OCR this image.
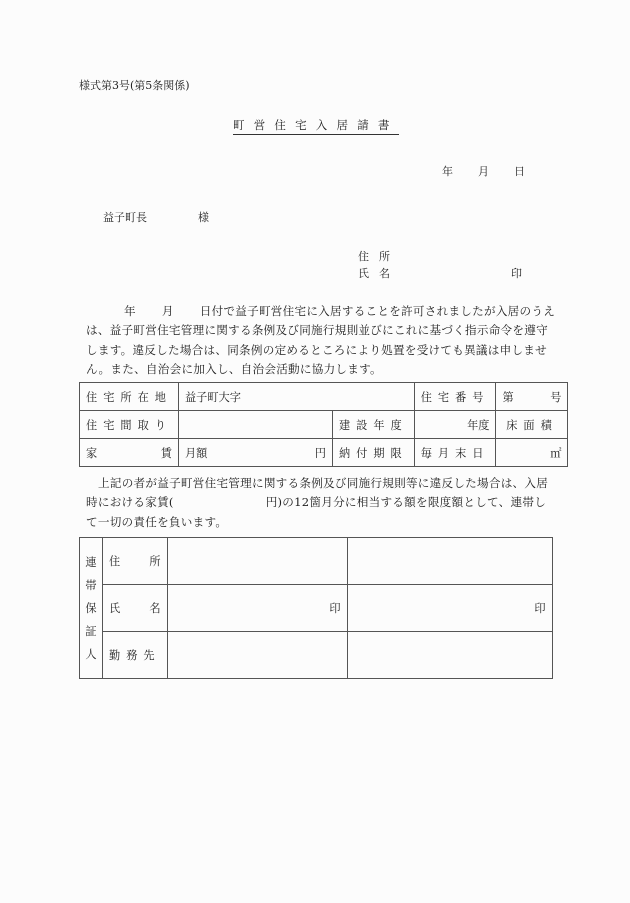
様式第3号(第5条関係)
町営住宅入居請書
年 月 日
益子町長	様
住所
氏名	印
年 月 日付で益子町営住宅に入居することを許可されましたが入居のうえは、益子町営住宅管理に関する条例及び同施行規則並びにこれに基づく指示命令を遵守します。違反した場合は、同条例の定めるところにより処置を受けても異議は申しません。また、自治会に加入し、自治会活動に協力します。
住宅所在地	益子町大字		住宅番号	第 号

住宅間取り		建設年度	年度	床面積

家 賃	月額 円	納付期限	毎月末日	㎡
上記の者が益子町営住宅管理に関する条例及び同施行規則等に違反した場合は、入居時における家賃(	円)の12箇月分に相当する額を限度額として、連帯して一切の責任を負います。
連帯保証人	住 所		

	氏 名	印	印
	勤務先		
